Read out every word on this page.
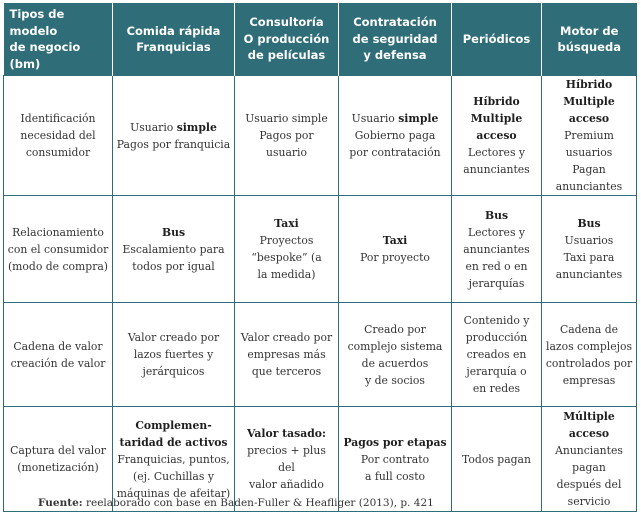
Tipos de modelo
de negocio (bm)	Comida rápida
Franquicias	Consultoría
O producción
de películas	Contratación
de seguridad
y defensa	Periódicos	Motor de
búsqueda

Identificación
necesidad del
consumidor	Usuario simple
Pagos por franquicia	Usuario simple
Pagos por usuario	Usuario simple
Gobierno paga
por contratación	Híbrido
Multiple
acceso
Lectores y
anunciantes	Híbrido
Multiple acceso
Premium usuarios
Pagan anunciantes

Relacionamiento
con el consumidor
(modo de compra)	Bus
Escalamiento para
todos por igual	Taxi
Proyectos
“bespoke” (a
la medida)	Taxi
Por proyecto	Bus
Lectores y
anunciantes
en red o en
jerarquías	Bus
Usuarios
Taxi para
anunciantes

Cadena de valor
creación de valor	Valor creado por
lazos fuertes y
jerárquicos	Valor creado por
empresas más
que terceros	Creado por
complejo sistema
de acuerdos
y de socios	Contenido y
producción
creados en
jerarquía o
en redes	Cadena de
lazos complejos
controlados por
empresas

Captura del valor
(monetización)	Complemen-
taridad de activos
Franquicias, puntos,
(ej. Cuchillas y
máquinas de afeitar)	Valor tasado:
precios + plus del
valor añadido	Pagos por etapas
Por contrato
a full costo	Todos pagan	Múltiple acceso
Anunciantes pagan
después del servicio
Fuente: reelaborado con base en Baden-Fuller & Heafliger (2013), p. 421
